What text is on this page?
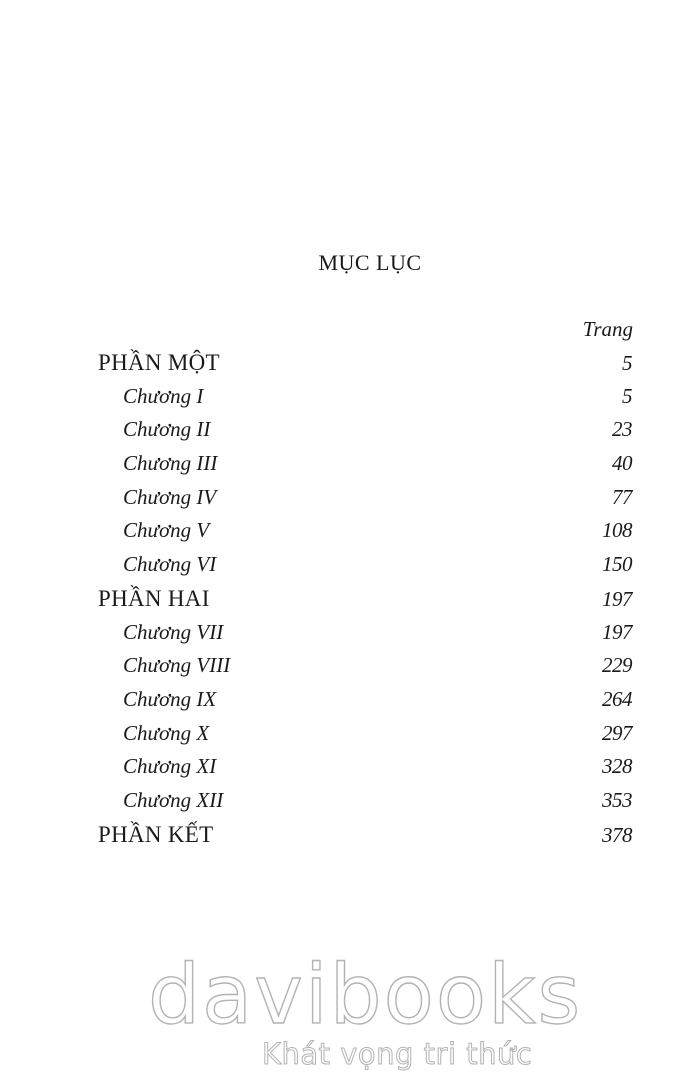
MỤC LỤC
Trang
PHẦN MỘT	5
Chương I	5
Chương II	23
Chương III	40
Chương IV	77
Chương V	108
Chương VI	150
PHẦN HAI	197
Chương VII	197
Chương VIII	229
Chương IX	264
Chương X	297
Chương XI	328
Chương XII	353
PHẦN KẾT	378
davibooks
Khát vọng tri thức
